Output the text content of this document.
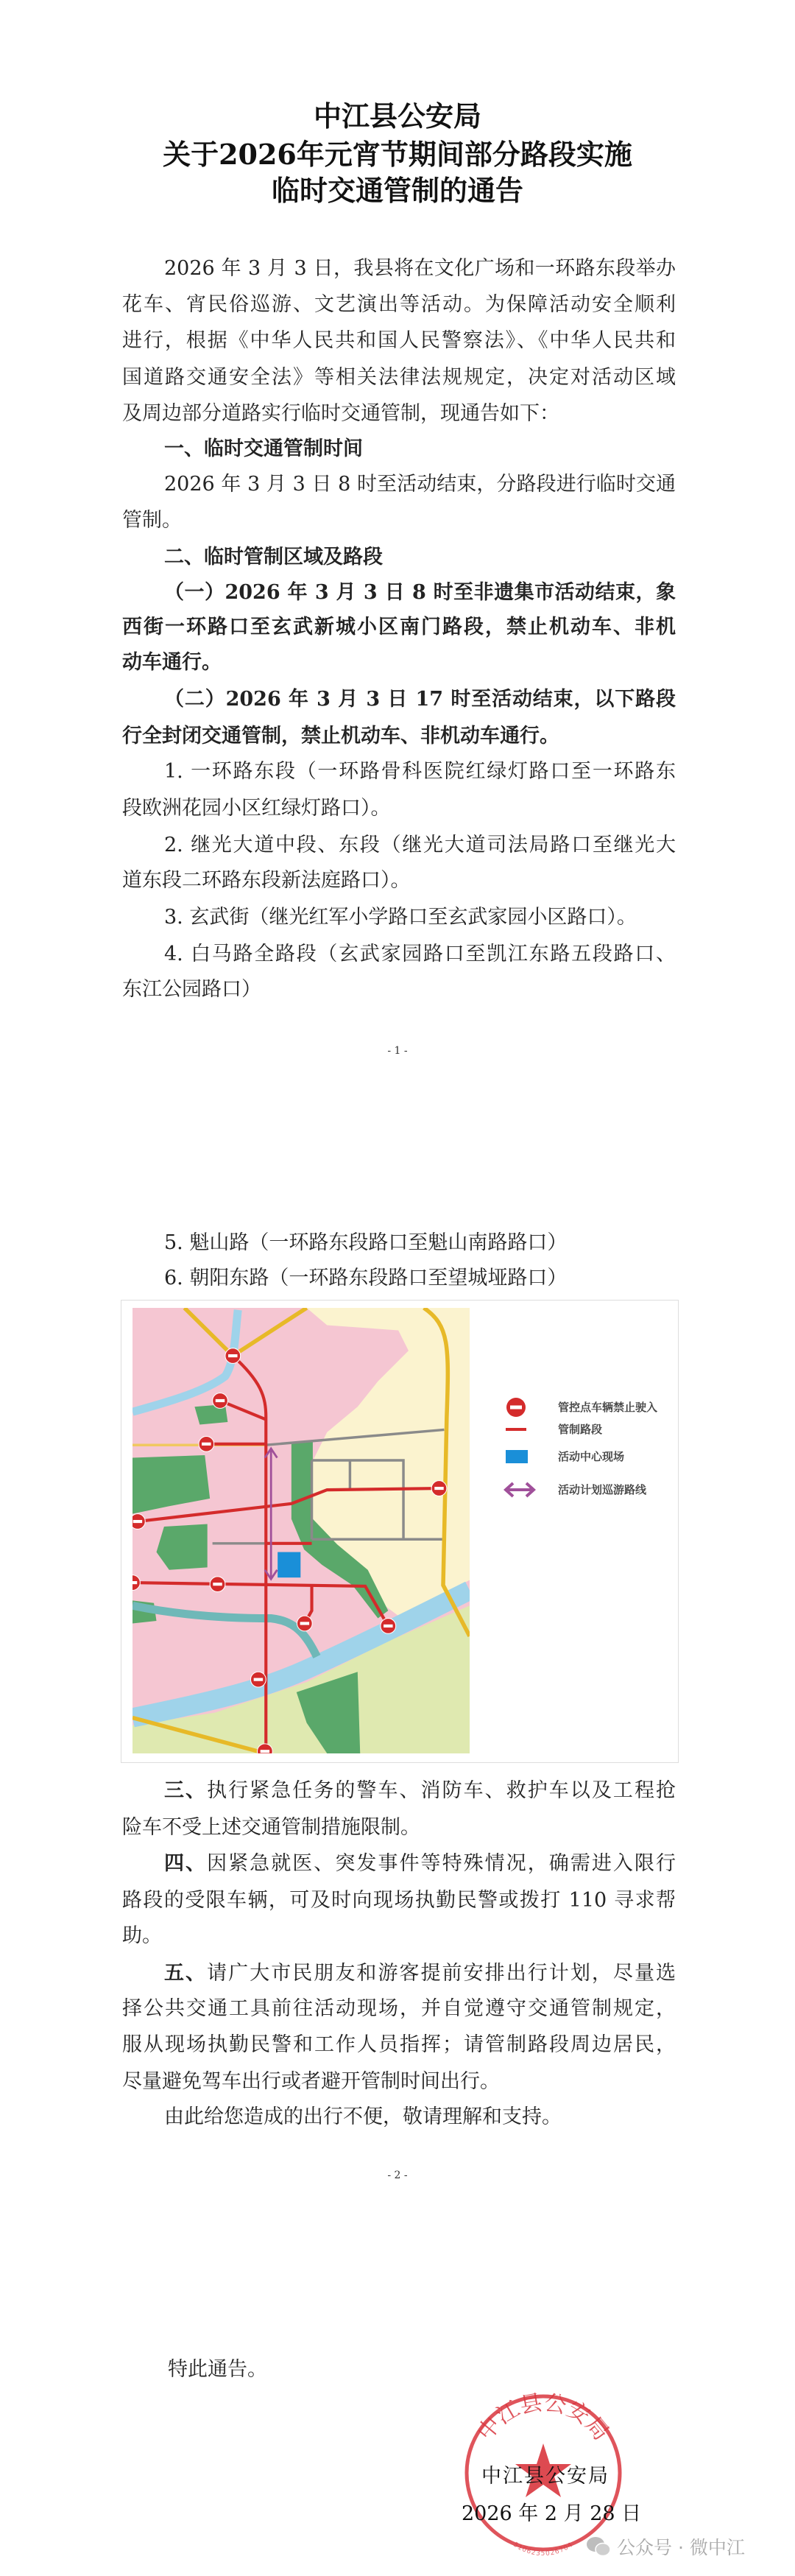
中江县公安局
关于2026年元宵节期间部分路段实施
临时交通管制的通告
2026 年 3 月 3 日，我县将在文化广场和一环路东段举办
花车、宵民俗巡游、文艺演出等活动。为保障活动安全顺利
进行，根据《中华人民共和国人民警察法》、《中华人民共和
国道路交通安全法》等相关法律法规规定，决定对活动区域
及周边部分道路实行临时交通管制，现通告如下：
一、临时交通管制时间
2026 年 3 月 3 日 8 时至活动结束，分路段进行临时交通
管制。
二、临时管制区域及路段
（一）2026 年 3 月 3 日 8 时至非遗集市活动结束，象
西街一环路口至玄武新城小区南门路段，禁止机动车、非机
动车通行。
（二）2026 年 3 月 3 日 17 时至活动结束，以下路段
行全封闭交通管制，禁止机动车、非机动车通行。
1. 一环路东段（一环路骨科医院红绿灯路口至一环路东
段欧洲花园小区红绿灯路口）。
2. 继光大道中段、东段（继光大道司法局路口至继光大
道东段二环路东段新法庭路口）。
3. 玄武街（继光红军小学路口至玄武家园小区路口）。
4. 白马路全路段（玄武家园路口至凯江东路五段路口、
东江公园路口）
5. 魁山路（一环路东段路口至魁山南路路口）
6. 朝阳东路（一环路东段路口至望城垭路口）
三、执行紧急任务的警车、消防车、救护车以及工程抢
险车不受上述交通管制措施限制。
四、因紧急就医、突发事件等特殊情况，确需进入限行
路段的受限车辆，可及时向现场执勤民警或拨打 110 寻求帮
助。
五、请广大市民朋友和游客提前安排出行计划，尽量选
择公共交通工具前往活动现场，并自觉遵守交通管制规定，
服从现场执勤民警和工作人员指挥；请管制路段周边居民，
尽量避免驾车出行或者避开管制时间出行。
由此给您造成的出行不便，敬请理解和支持。
特此通告。
- 1 -
- 2 -
管控点车辆禁止驶入
管制路段
活动中心现场
活动计划巡游路线
中江县公安局
5106235026704
中江县公安局
2026 年 2 月 28 日
公众号 · 微中江
